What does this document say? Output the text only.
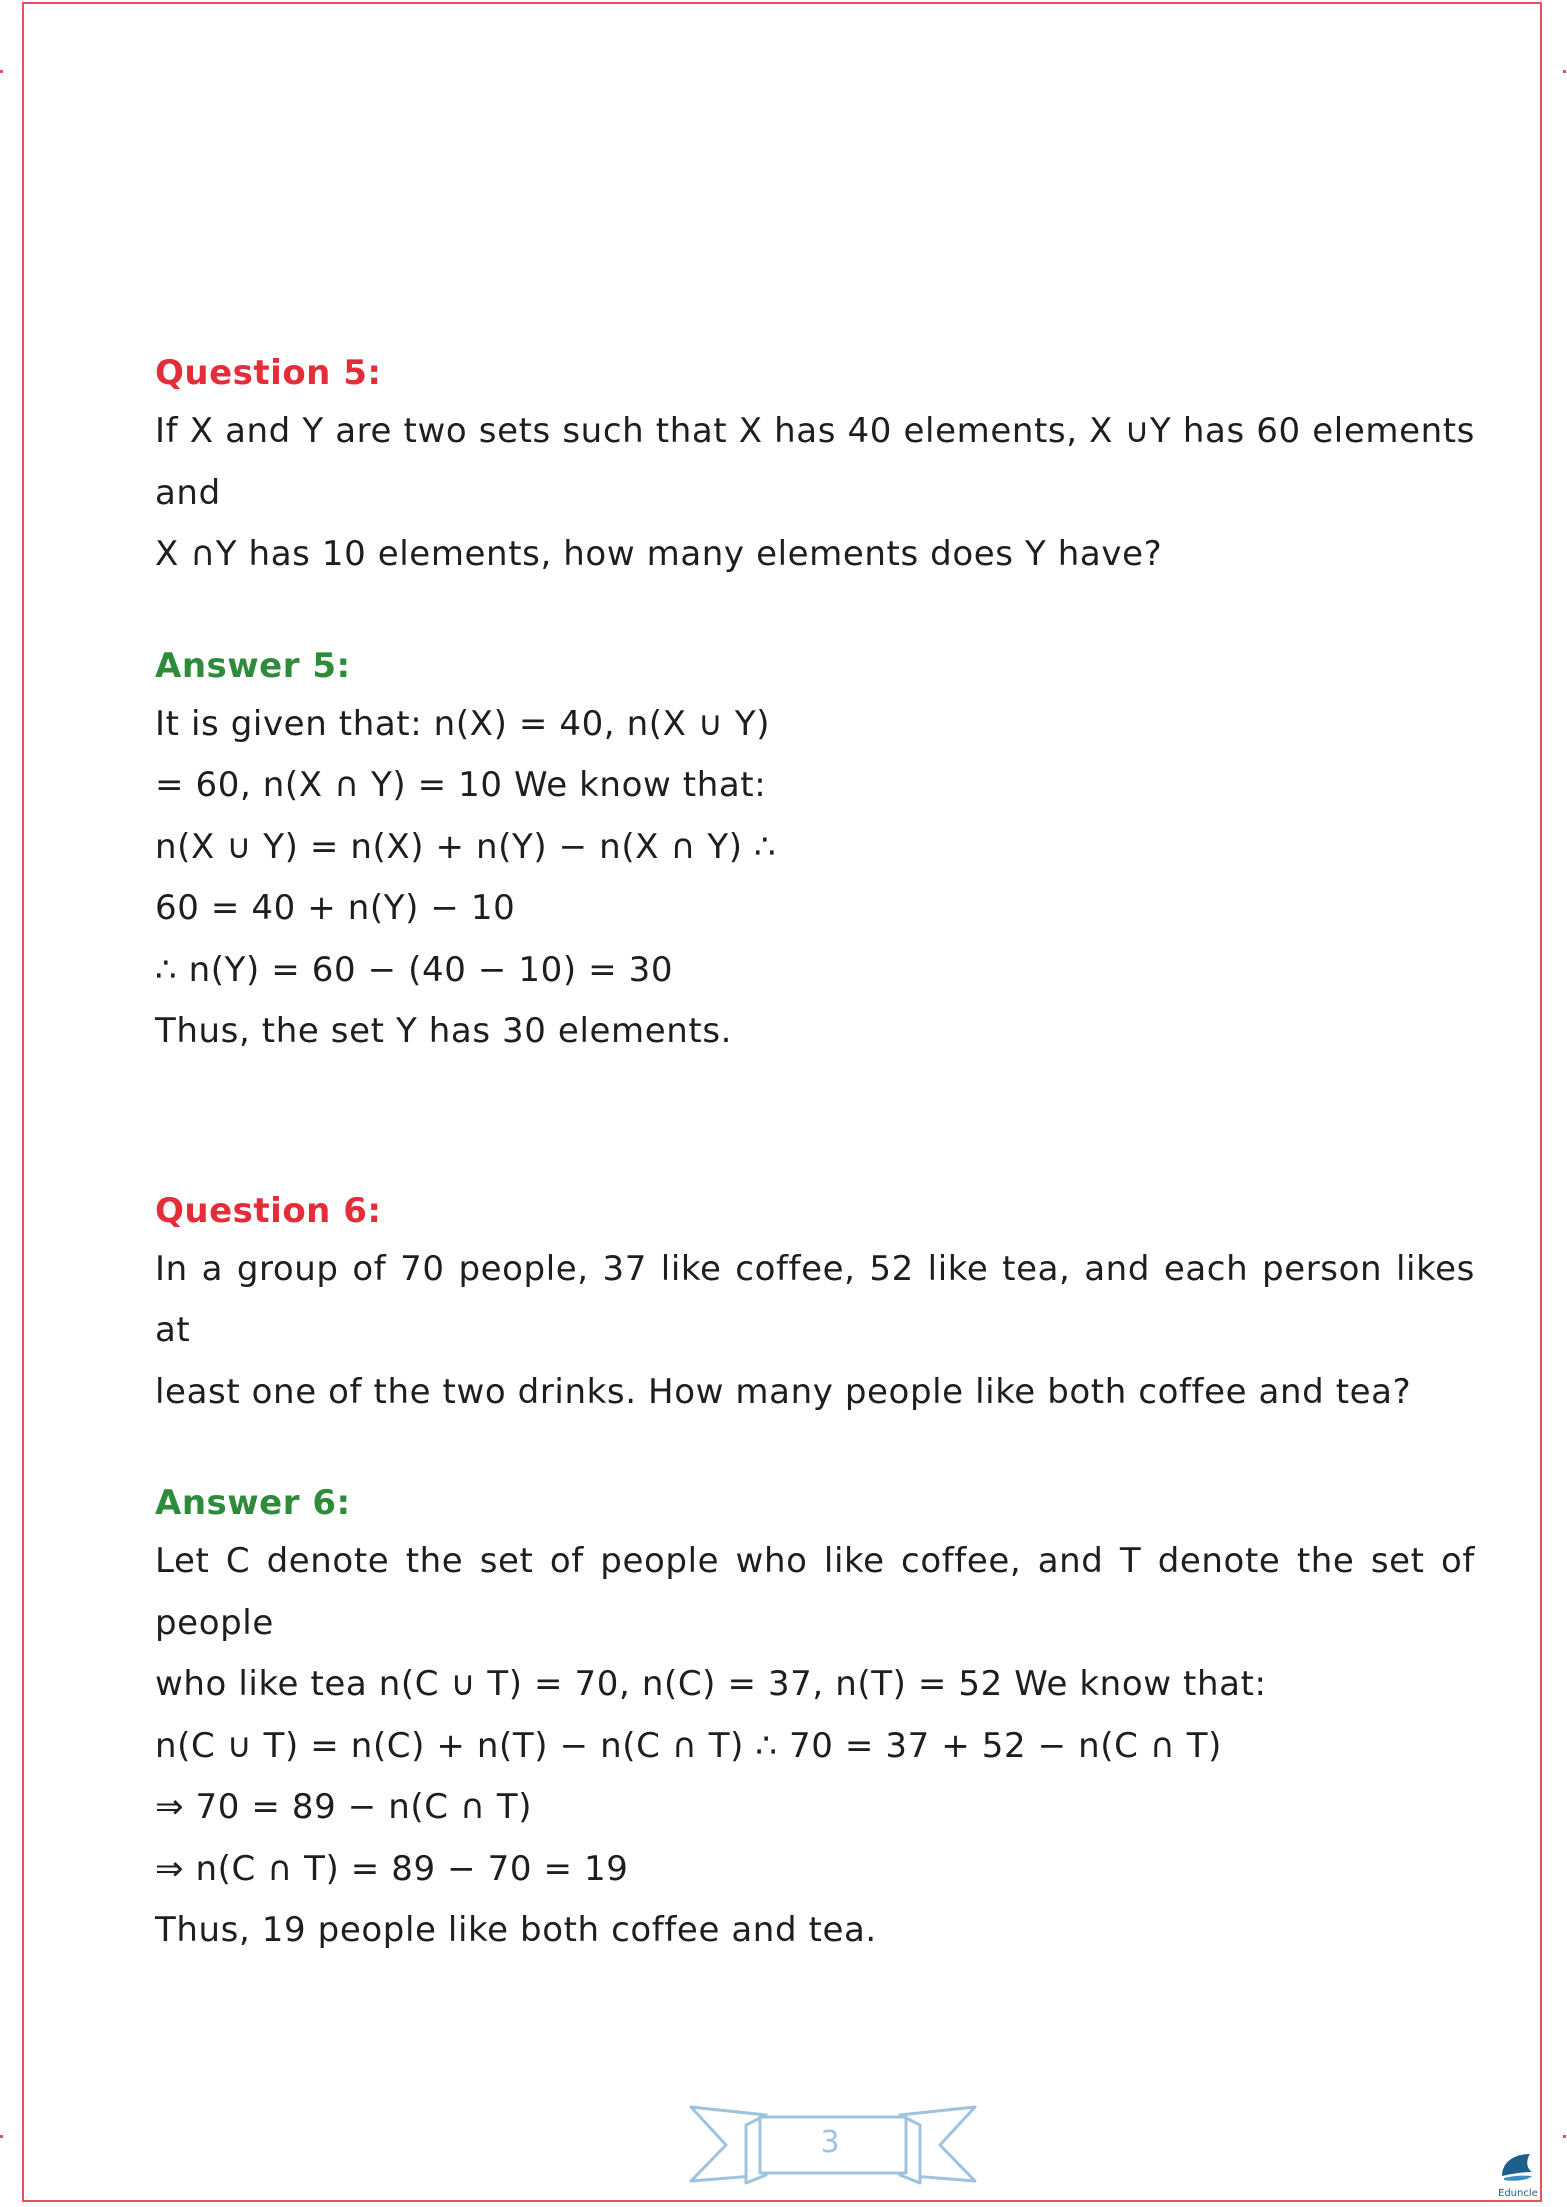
Question 5:
If X and Y are two sets such that X has 40 elements, X ∪Y has 60 elements and
X ∩Y has 10 elements, how many elements does Y have?
Answer 5:
It is given that: n(X) = 40, n(X ∪ Y)
= 60, n(X ∩ Y) = 10 We know that:
n(X ∪ Y) = n(X) + n(Y) − n(X ∩ Y) ∴
60 = 40 + n(Y) − 10
∴ n(Y) = 60 − (40 − 10) = 30
Thus, the set Y has 30 elements.
Question 6:
In a group of 70 people, 37 like coffee, 52 like tea, and each person likes at
least one of the two drinks. How many people like both coffee and tea?
Answer 6:
Let C denote the set of people who like coffee, and T denote the set of people
who like tea n(C ∪ T) = 70, n(C) = 37, n(T) = 52 We know that:
n(C ∪ T) = n(C) + n(T) − n(C ∩ T) ∴ 70 = 37 + 52 − n(C ∩ T)
⇒ 70 = 89 − n(C ∩ T)
⇒ n(C ∩ T) = 89 − 70 = 19
Thus, 19 people like both coffee and tea.
3
Eduncle
